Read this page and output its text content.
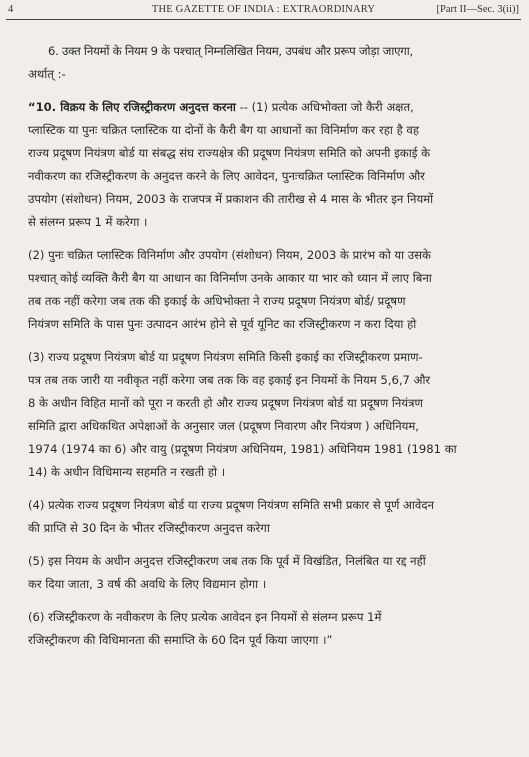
4	THE GAZETTE OF INDIA : EXTRAORDINARY	[Part II—Sec. 3(ii)]

6. उक्त नियमों के नियम 9 के पश्चात् निम्नलिखित नियम, उपबंध और प्ररूप जोड़ा जाएगा,
अर्थात् :-

“10. विक्रय के लिए रजिस्ट्रीकरण अनुदत्त करना -- (1) प्रत्येक अधिभोक्ता जो कैरी अक्षत,
प्लास्टिक या पुनः चक्रित प्लास्टिक या दोनों के कैरी बैग या आधानों का विनिर्माण कर रहा है वह
राज्य प्रदूषण नियंत्रण बोर्ड या संबद्ध संघ राज्यक्षेत्र की प्रदूषण नियंत्रण समिति को अपनी इकाई के
नवीकरण का रजिस्ट्रीकरण के अनुदत्त करने के लिए आवेदन, पुनःचक्रित प्लास्टिक विनिर्माण और
उपयोग (संशोधन) नियम, 2003 के राजपत्र में प्रकाशन की तारीख से 4 मास के भीतर इन नियमों
से संलग्न प्ररूप 1 में करेगा ।

(2) पुनः चक्रित प्लास्टिक विनिर्माण और उपयोग (संशोधन) नियम, 2003 के प्रारंभ को या उसके
पश्चात् कोई व्यक्ति कैरी बैग या आधान का विनिर्माण उनके आकार या भार को ध्यान में लाए बिना
तब तक नहीं करेगा जब तक की इकाई के अधिभोक्ता ने राज्य प्रदूषण नियंत्रण बोर्ड/ प्रदूषण
नियंत्रण समिति के पास पुनः उत्पादन आरंभ होने से पूर्व यूनिट का रजिस्ट्रीकरण न करा दिया हो

(3) राज्य प्रदूषण नियंत्रण बोर्ड या प्रदूषण नियंत्रण समिति किसी इकाई का रजिस्ट्रीकरण प्रमाण-
पत्र तब तक जारी या नवीकृत नहीं करेगा जब तक कि वह इकाई इन नियमों के नियम 5,6,7 और
8 के अधीन विहित मानों को पूरा न करती हो और राज्य प्रदूषण नियंत्रण बोर्ड या प्रदूषण नियंत्रण
समिति द्वारा अधिकथित अपेक्षाओं के अनुसार जल (प्रदूषण निवारण और नियंत्रण ) अधिनियम,
1974 (1974 का 6) और वायु (प्रदूषण नियंत्रण अधिनियम, 1981) अधिनियम 1981 (1981 का
14) के अधीन विधिमान्य सहमति न रखती हो ।

(4) प्रत्येक राज्य प्रदूषण नियंत्रण बोर्ड या राज्य प्रदूषण नियंत्रण समिति सभी प्रकार से पूर्ण आवेदन
की प्राप्ति से 30 दिन के भीतर रजिस्ट्रीकरण अनुदत्त करेगा

(5) इस नियम के अधीन अनुदत्त रजिस्ट्रीकरण जब तक कि पूर्व में विखंडित, निलंबित या रद्द नहीं
कर दिया जाता, 3 वर्ष की अवधि के लिए विद्यमान होगा ।

(6) रजिस्ट्रीकरण के नवीकरण के लिए प्रत्येक आवेदन इन नियमों से संलग्न प्ररूप 1में
रजिस्ट्रीकरण की विधिमानता की समाप्ति के 60 दिन पूर्व किया जाएगा ।”
